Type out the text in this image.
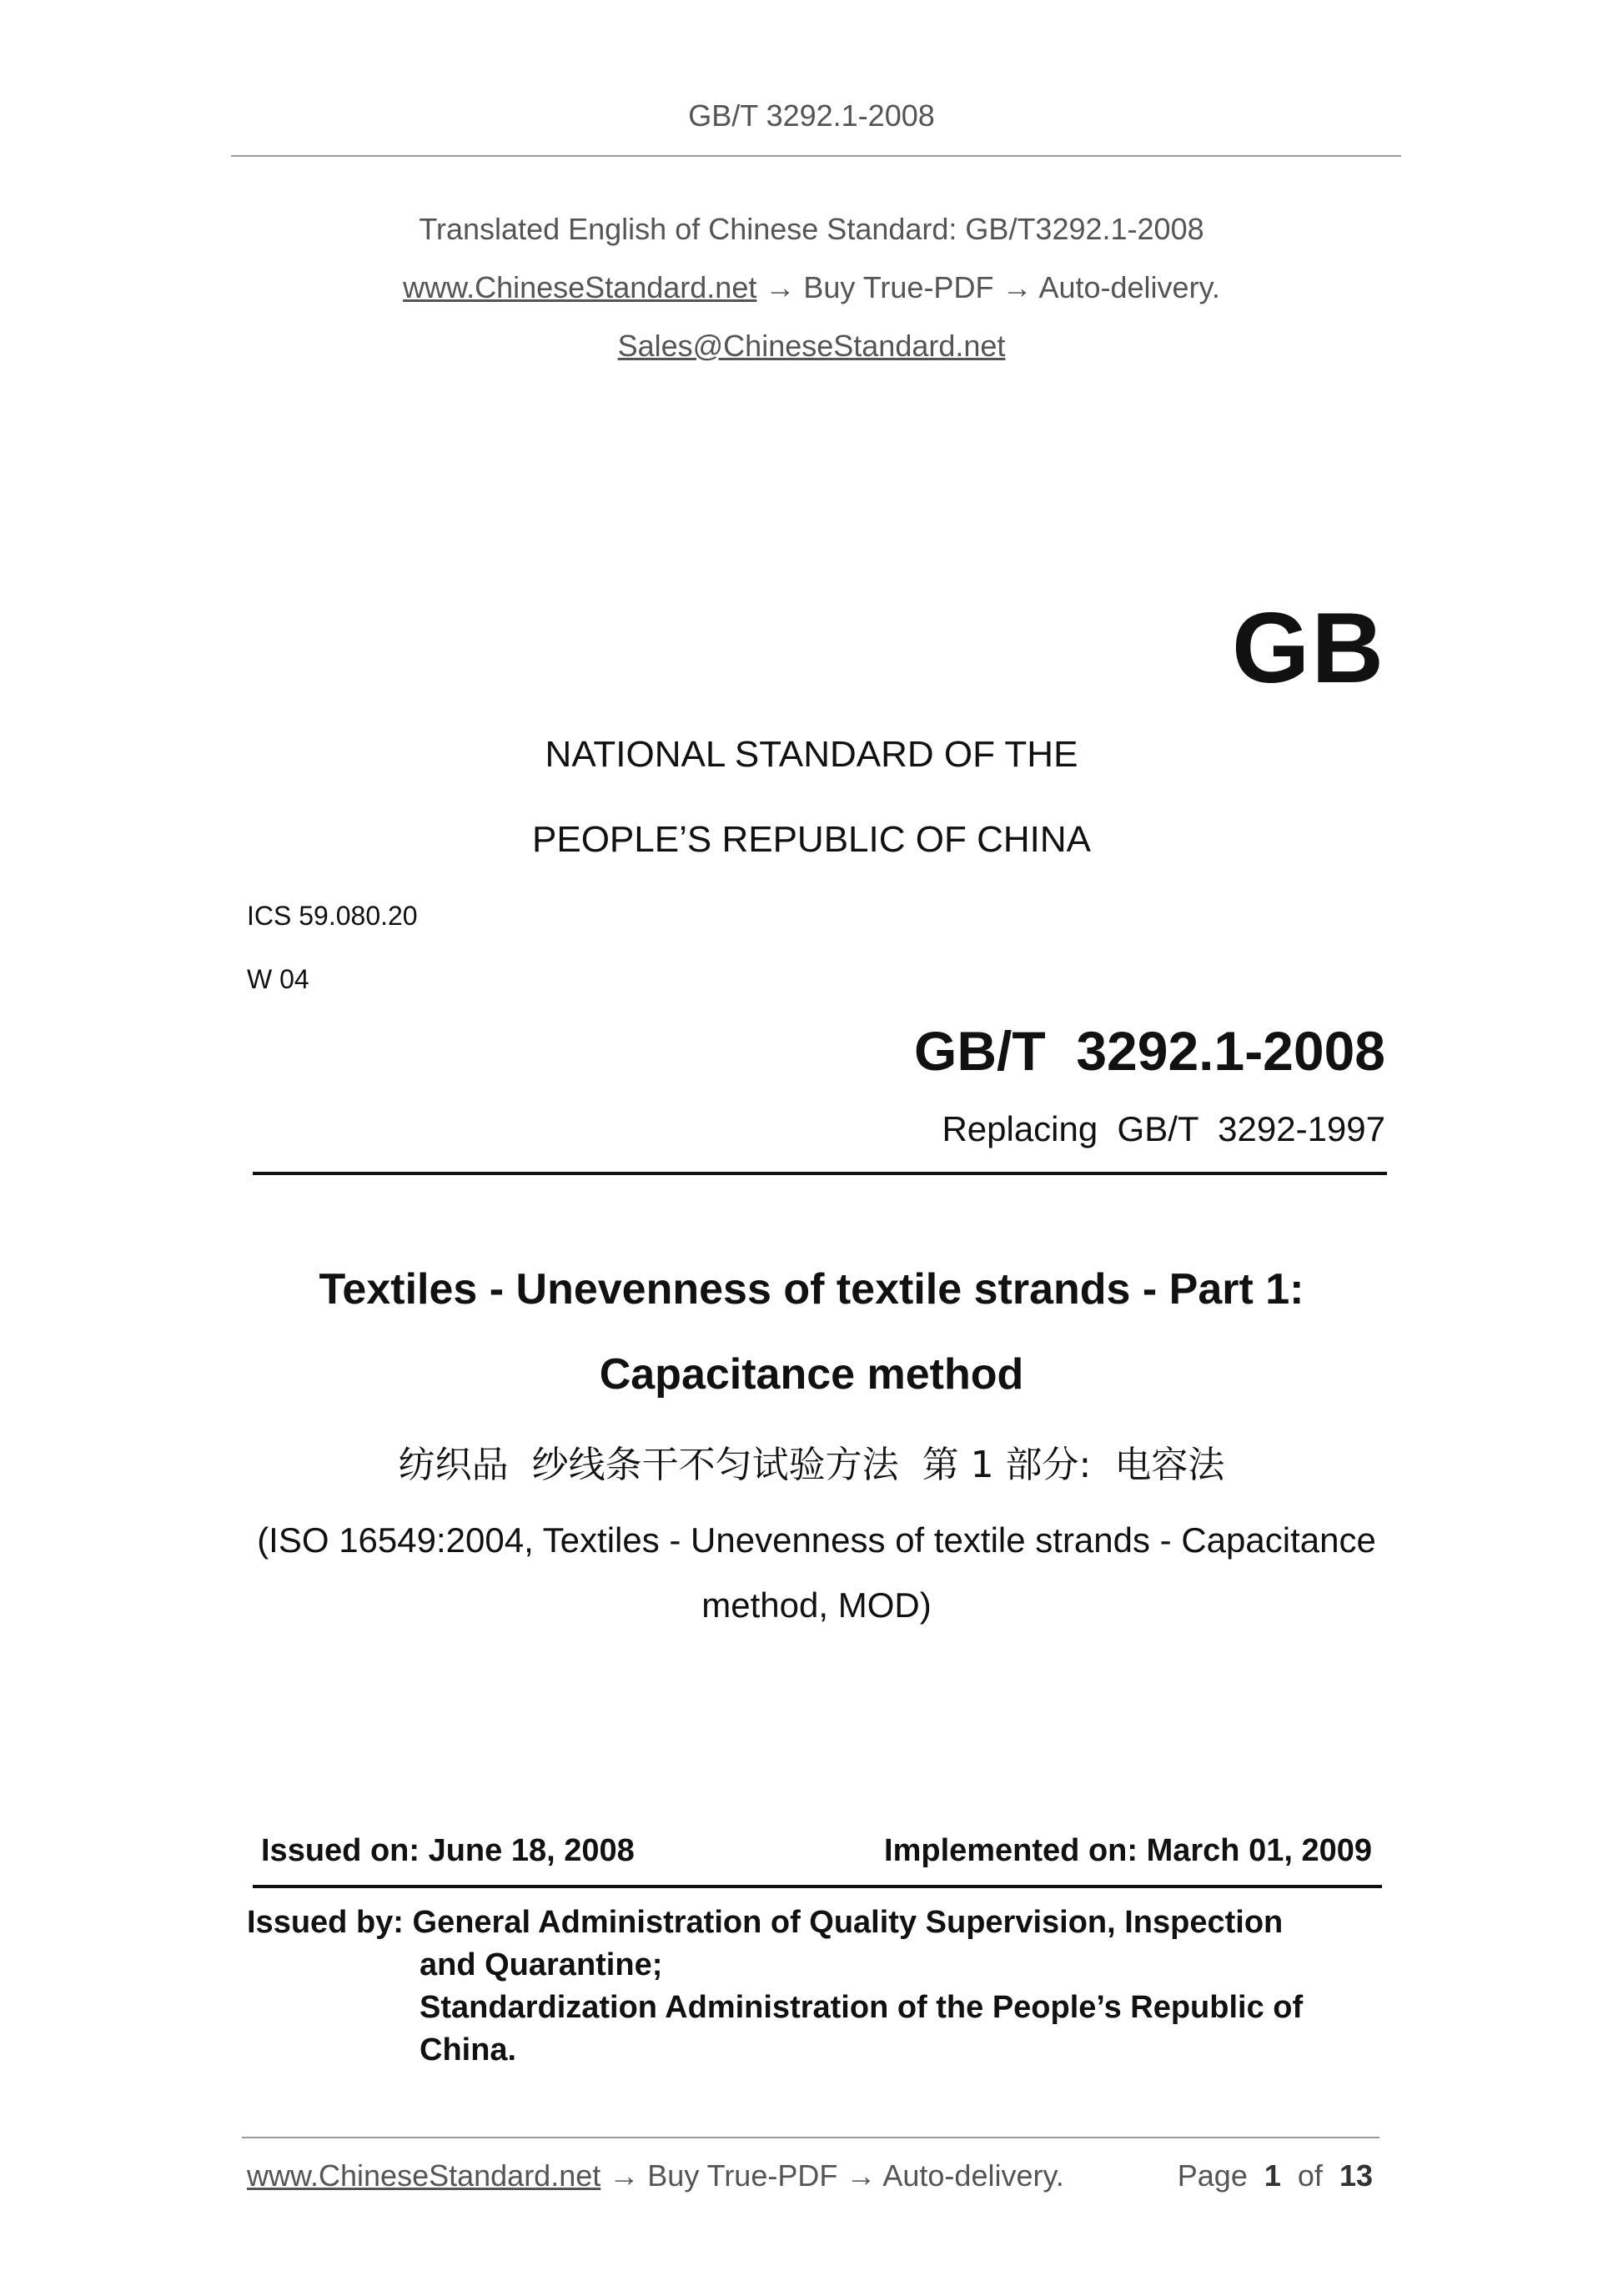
GB/T 3292.1-2008
Translated English of Chinese Standard: GB/T3292.1-2008
www.ChineseStandard.net → Buy True-PDF → Auto-delivery.
Sales@ChineseStandard.net
GB
NATIONAL STANDARD OF THE
PEOPLE’S REPUBLIC OF CHINA
ICS 59.080.20
W 04
GB/T  3292.1-2008
Replacing  GB/T  3292-1997
Textiles - Unevenness of textile strands - Part 1:
Capacitance method
纺织品  纱线条干不匀试验方法  第 1 部分:  电容法
(ISO 16549:2004, Textiles - Unevenness of textile strands - Capacitance method, MOD)
Issued on: June 18, 2008	Implemented on: March 01, 2009
Issued by: General Administration of Quality Supervision, Inspection
and Quarantine;
Standardization Administration of the People’s Republic of
China.
www.ChineseStandard.net → Buy True-PDF → Auto-delivery.	Page 1 of 13
